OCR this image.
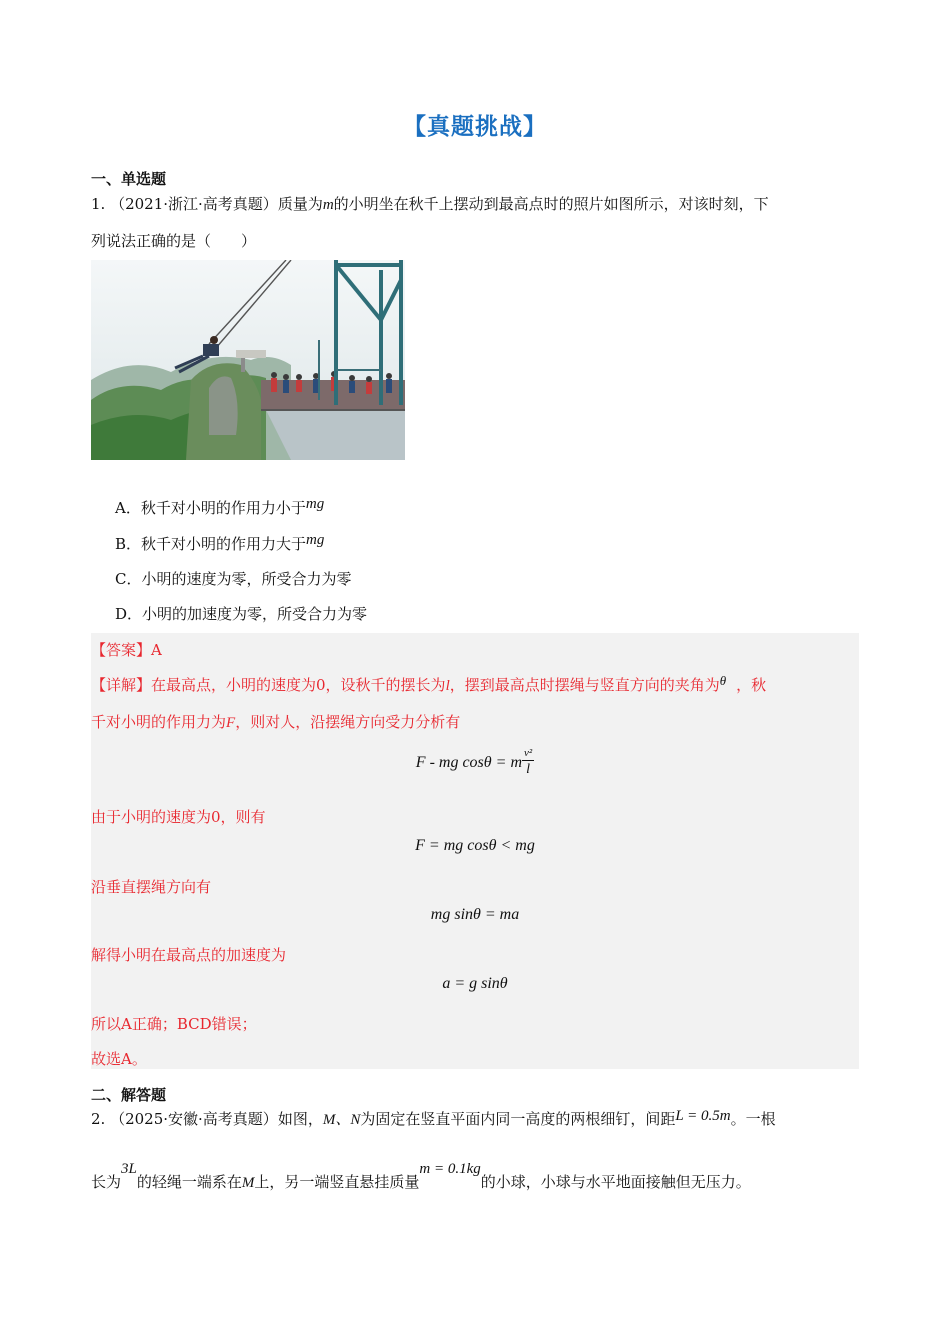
【真题挑战】
一、单选题
1. （2021·浙江·高考真题）质量为m的小明坐在秋千上摆动到最高点时的照片如图所示，对该时刻，下
列说法正确的是（　　）
A．秋千对小明的作用力小于mg
B．秋千对小明的作用力大于mg
C．小明的速度为零，所受合力为零
D．小明的加速度为零，所受合力为零
【答案】A
【详解】在最高点，小明的速度为0，设秋千的摆长为l，摆到最高点时摆绳与竖直方向的夹角为θ ，秋
千对小明的作用力为F，则对人，沿摆绳方向受力分析有
F - mg cosθ = m $\frac{\text{v²}}{l}$
由于小明的速度为0，则有
F = mg cosθ < mg
沿垂直摆绳方向有
mg sinθ = ma
解得小明在最高点的加速度为
a = g sinθ
所以A正确；BCD错误；
故选A。
二、解答题
2. （2025·安徽·高考真题）如图，M、N为固定在竖直平面内同一高度的两根细钉，间距L = 0.5m。一根
长为3L的轻绳一端系在M上，另一端竖直悬挂质量m = 0.1kg的小球，小球与水平地面接触但无压力。
